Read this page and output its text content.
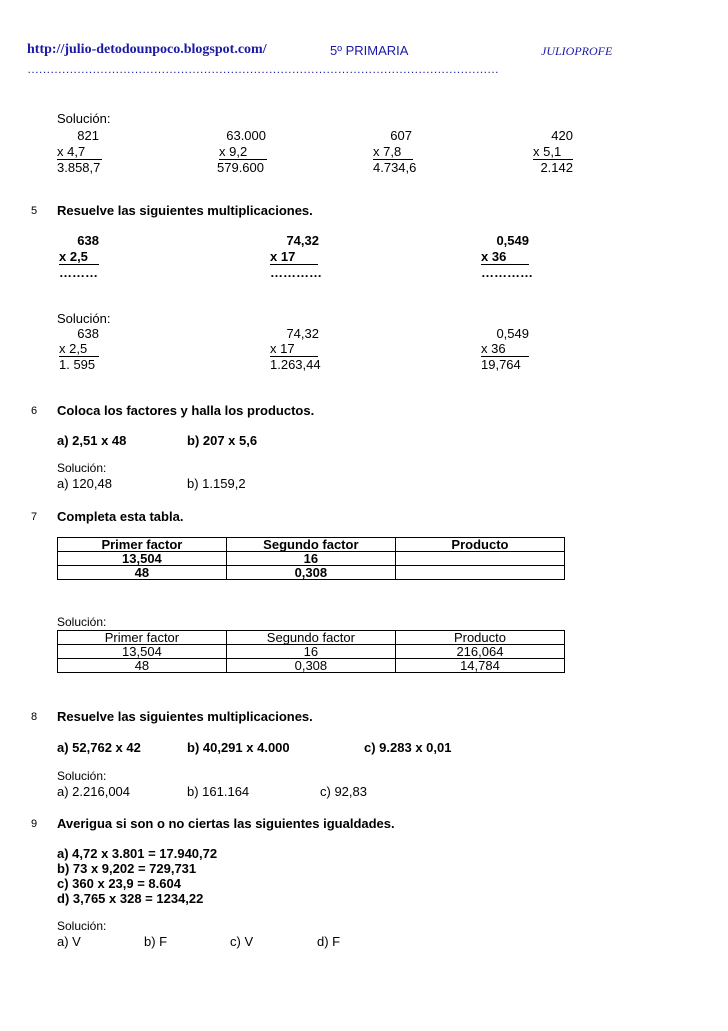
http://julio-detodounpoco.blogspot.com/	5º PRIMARIA	JULIOPROFE
……………………………………………………………………………………………………………
Solución:
821
x 4,7
3.858,7
63.000
x 9,2
579.600
607
x 7,8
4.734,6
420
x 5,1
2.142
5 Resuelve las siguientes multiplicaciones.
638
x 2,5
………
74,32
x 17
…………
0,549
x 36
…………
Solución:
638
x 2,5
1. 595
74,32
x 17
1.263,44
0,549
x 36
19,764
6 Coloca los factores y halla los productos.
a) 2,51 x 48	b) 207 x 5,6
Solución:
a) 120,48	b) 1.159,2
7 Completa esta tabla.
Primer factor	Segundo factor	Producto
13,504	16	
48	0,308	
Solución:
Primer factor	Segundo factor	Producto
13,504	16	216,064
48	0,308	14,784
8 Resuelve las siguientes multiplicaciones.
a) 52,762 x 42	b) 40,291 x 4.000	c) 9.283 x 0,01
Solución:
a) 2.216,004	b) 161.164	c) 92,83
9 Averigua si son o no ciertas las siguientes igualdades.
a) 4,72 x 3.801 = 17.940,72
b) 73 x 9,202 = 729,731
c) 360 x 23,9 = 8.604
d) 3,765 x 328 = 1234,22
Solución:
a) V	b) F	c) V	d) F
